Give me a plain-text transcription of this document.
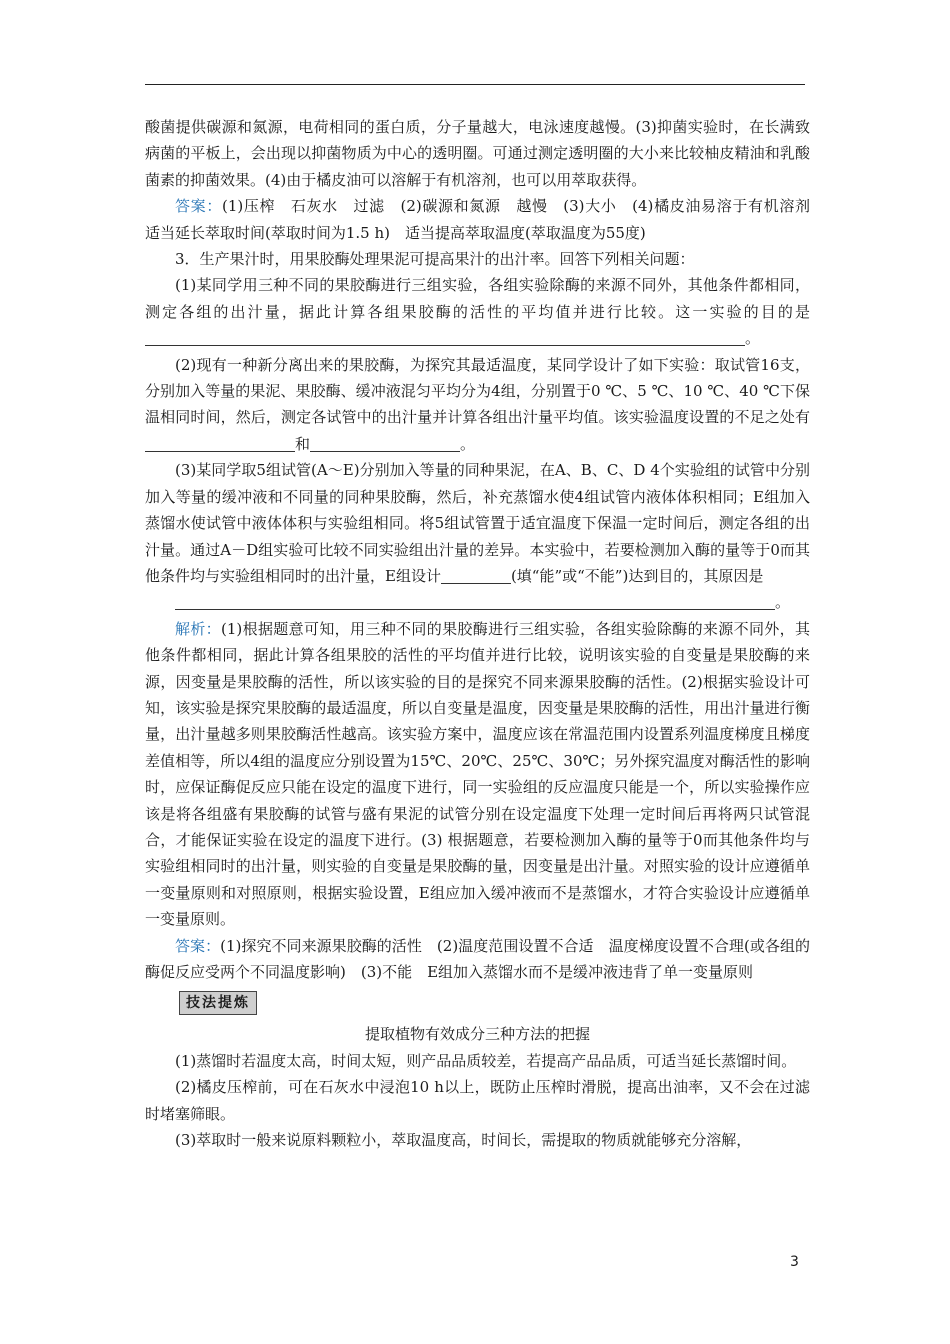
酸菌提供碳源和氮源，电荷相同的蛋白质，分子量越大，电泳速度越慢。(3)抑菌实验时，在长满致病菌的平板上，会出现以抑菌物质为中心的透明圈。可通过测定透明圈的大小来比较柚皮精油和乳酸菌素的抑菌效果。(4)由于橘皮油可以溶解于有机溶剂，也可以用萃取获得。

答案：(1)压榨　石灰水　过滤　(2)碳源和氮源　越慢　(3)大小　(4)橘皮油易溶于有机溶剂　适当延长萃取时间(萃取时间为1.5 h)　适当提高萃取温度(萃取温度为55度)

3．生产果汁时，用果胶酶处理果泥可提高果汁的出汁率。回答下列相关问题：

(1)某同学用三种不同的果胶酶进行三组实验，各组实验除酶的来源不同外，其他条件都相同，测定各组的出汁量，据此计算各组果胶酶的活性的平均值并进行比较。这一实验的目的是。

(2)现有一种新分离出来的果胶酶，为探究其最适温度，某同学设计了如下实验：取试管16支，分别加入等量的果泥、果胶酶、缓冲液混匀平均分为4组，分别置于0 ℃、5 ℃、10 ℃、40 ℃下保温相同时间，然后，测定各试管中的出汁量并计算各组出汁量平均值。该实验温度设置的不足之处有和	。

(3)某同学取5组试管(A～E)分别加入等量的同种果泥，在A、B、C、D 4个实验组的试管中分别加入等量的缓冲液和不同量的同种果胶酶，然后，补充蒸馏水使4组试管内液体体积相同；E组加入蒸馏水使试管中液体体积与实验组相同。将5组试管置于适宜温度下保温一定时间后，测定各组的出汁量。通过A－D组实验可比较不同实验组出汁量的差异。本实验中，若要检测加入酶的量等于0而其他条件均与实验组相同时的出汁量，E组设计	(填“能”或“不能”)达到目的，其原因是

。

解析：(1)根据题意可知，用三种不同的果胶酶进行三组实验，各组实验除酶的来源不同外，其他条件都相同，据此计算各组果胶的活性的平均值并进行比较，说明该实验的自变量是果胶酶的来源，因变量是果胶酶的活性，所以该实验的目的是探究不同来源果胶酶的活性。(2)根据实验设计可知，该实验是探究果胶酶的最适温度，所以自变量是温度，因变量是果胶酶的活性，用出汁量进行衡量，出汁量越多则果胶酶活性越高。该实验方案中，温度应该在常温范围内设置系列温度梯度且梯度差值相等，所以4组的温度应分别设置为15℃、20℃、25℃、30℃；另外探究温度对酶活性的影响时，应保证酶促反应只能在设定的温度下进行，同一实验组的反应温度只能是一个，所以实验操作应该是将各组盛有果胶酶的试管与盛有果泥的试管分别在设定温度下处理一定时间后再将两只试管混合，才能保证实验在设定的温度下进行。(3) 根据题意，若要检测加入酶的量等于0而其他条件均与实验组相同时的出汁量，则实验的自变量是果胶酶的量，因变量是出汁量。对照实验的设计应遵循单一变量原则和对照原则，根据实验设置，E组应加入缓冲液而不是蒸馏水，才符合实验设计应遵循单一变量原则。

答案：(1)探究不同来源果胶酶的活性　(2)温度范围设置不合适　温度梯度设置不合理(或各组的酶促反应受两个不同温度影响)　(3)不能　E组加入蒸馏水而不是缓冲液违背了单一变量原则

技法提炼

提取植物有效成分三种方法的把握

(1)蒸馏时若温度太高，时间太短，则产品品质较差，若提高产品品质，可适当延长蒸馏时间。

(2)橘皮压榨前，可在石灰水中浸泡10 h以上，既防止压榨时滑脱，提高出油率，又不会在过滤时堵塞筛眼。

(3)萃取时一般来说原料颗粒小，萃取温度高，时间长，需提取的物质就能够充分溶解，

3
